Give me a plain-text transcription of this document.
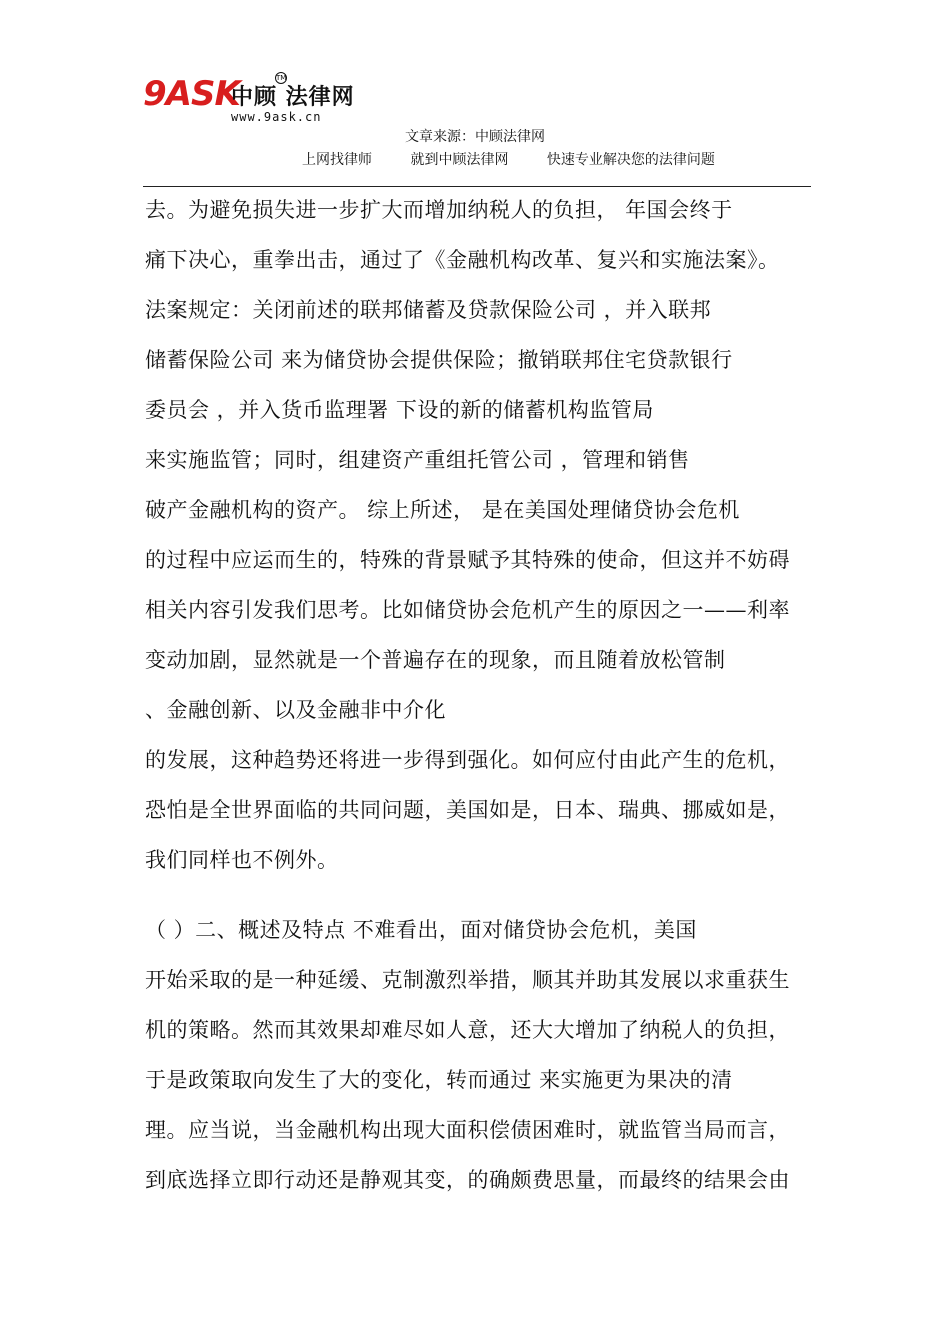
9ASK
中顾 法律网
TM
www.9ask.cn
文章来源：中顾法律网
上网找律师	就到中顾法律网	快速专业解决您的法律问题
去。为避免损失进一步扩大而增加纳税人的负担， 年国会终于
痛下决心，重拳出击，通过了《金融机构改革、复兴和实施法案》。
法案规定：关闭前述的联邦储蓄及贷款保险公司 ，并入联邦
储蓄保险公司 来为储贷协会提供保险；撤销联邦住宅贷款银行
委员会 ，并入货币监理署 下设的新的储蓄机构监管局
来实施监管；同时，组建资产重组托管公司 ，管理和销售
破产金融机构的资产。 综上所述， 是在美国处理储贷协会危机
的过程中应运而生的，特殊的背景赋予其特殊的使命，但这并不妨碍
相关内容引发我们思考。比如储贷协会危机产生的原因之一——利率
变动加剧，显然就是一个普遍存在的现象，而且随着放松管制
、金融创新、以及金融非中介化
的发展，这种趋势还将进一步得到强化。如何应付由此产生的危机，
恐怕是全世界面临的共同问题，美国如是，日本、瑞典、挪威如是，
我们同样也不例外。
（ ）二、概述及特点 不难看出，面对储贷协会危机，美国
开始采取的是一种延缓、克制激烈举措，顺其并助其发展以求重获生
机的策略。然而其效果却难尽如人意，还大大增加了纳税人的负担，
于是政策取向发生了大的变化，转而通过 来实施更为果决的清
理。应当说，当金融机构出现大面积偿债困难时，就监管当局而言，
到底选择立即行动还是静观其变，的确颇费思量，而最终的结果会由
